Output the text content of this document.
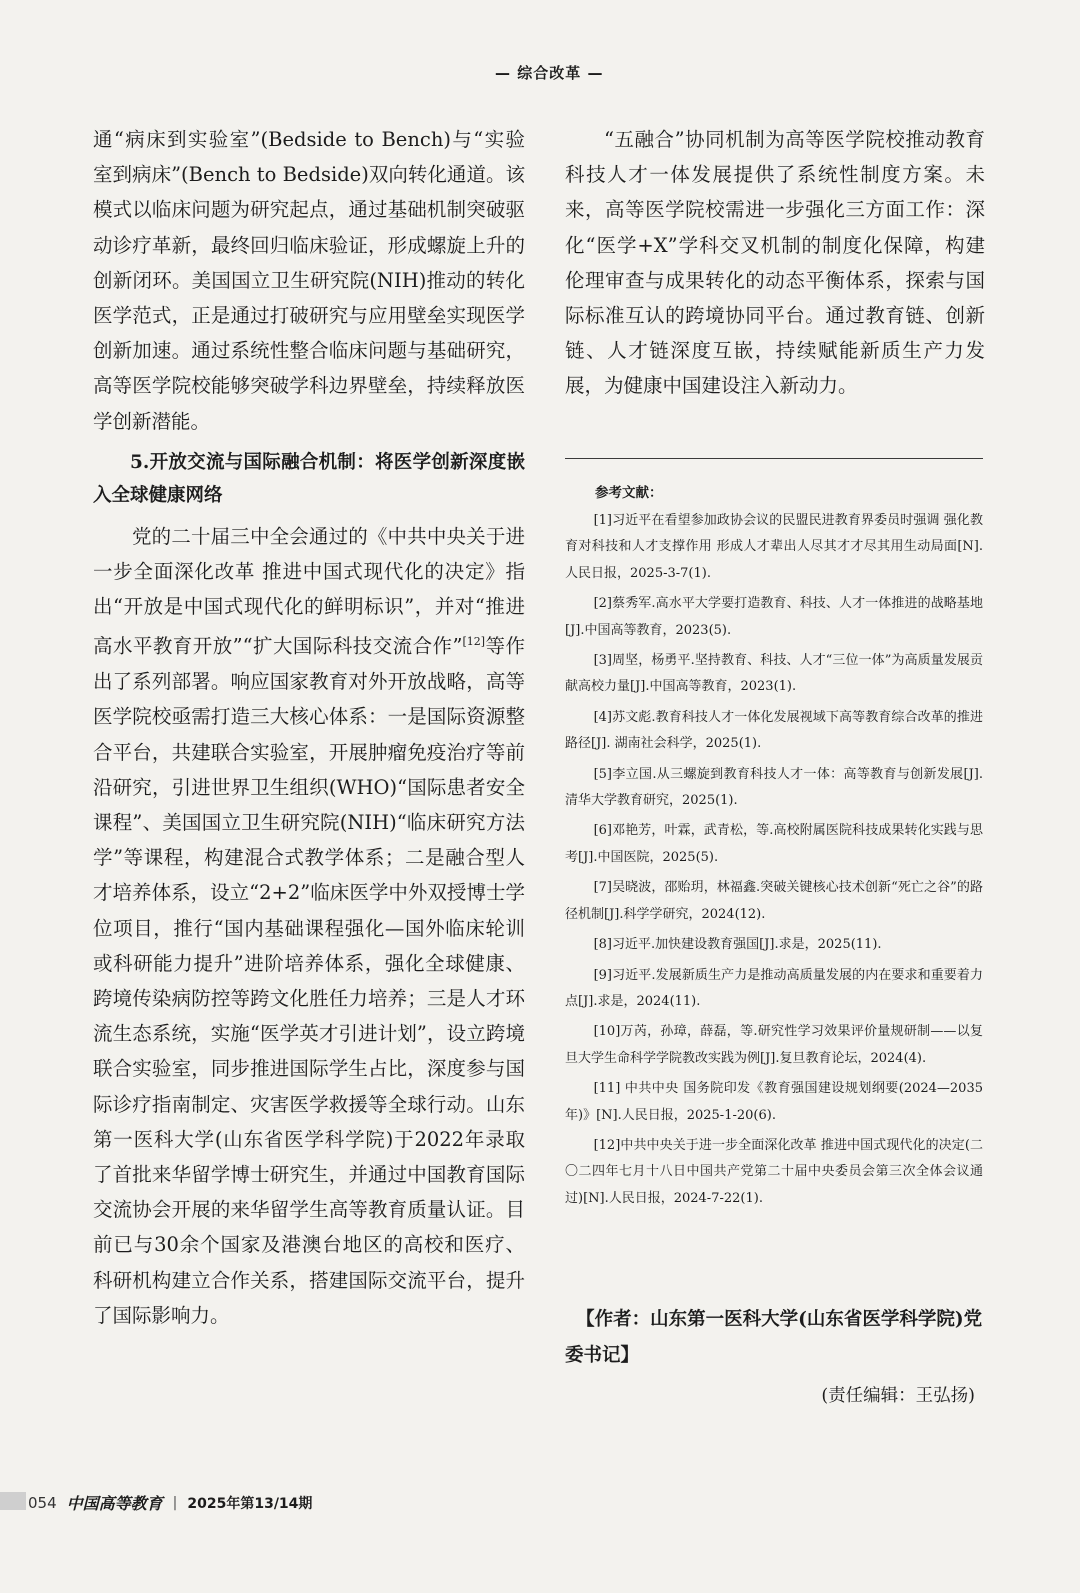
— 综合改革 —

通“病床到实验室”(Bedside to Bench)与“实验室到病床”(Bench to Bedside)双向转化通道。该模式以临床问题为研究起点，通过基础机制突破驱动诊疗革新，最终回归临床验证，形成螺旋上升的创新闭环。美国国立卫生研究院(NIH)推动的转化医学范式，正是通过打破研究与应用壁垒实现医学创新加速。通过系统性整合临床问题与基础研究，高等医学院校能够突破学科边界壁垒，持续释放医学创新潜能。

5.开放交流与国际融合机制：将医学创新深度嵌入全球健康网络

党的二十届三中全会通过的《中共中央关于进一步全面深化改革 推进中国式现代化的决定》指出“开放是中国式现代化的鲜明标识”，并对“推进高水平教育开放”“扩大国际科技交流合作”[12]等作出了系列部署。响应国家教育对外开放战略，高等医学院校亟需打造三大核心体系：一是国际资源整合平台，共建联合实验室，开展肿瘤免疫治疗等前沿研究，引进世界卫生组织(WHO)“国际患者安全课程”、美国国立卫生研究院(NIH)“临床研究方法学”等课程，构建混合式教学体系；二是融合型人才培养体系，设立“2+2”临床医学中外双授博士学位项目，推行“国内基础课程强化—国外临床轮训或科研能力提升”进阶培养体系，强化全球健康、跨境传染病防控等跨文化胜任力培养；三是人才环流生态系统，实施“医学英才引进计划”，设立跨境联合实验室，同步推进国际学生占比，深度参与国际诊疗指南制定、灾害医学救援等全球行动。山东第一医科大学(山东省医学科学院)于2022年录取了首批来华留学博士研究生，并通过中国教育国际交流协会开展的来华留学生高等教育质量认证。目前已与30余个国家及港澳台地区的高校和医疗、科研机构建立合作关系，搭建国际交流平台，提升了国际影响力。

“五融合”协同机制为高等医学院校推动教育科技人才一体发展提供了系统性制度方案。未来，高等医学院校需进一步强化三方面工作：深化“医学+X”学科交叉机制的制度化保障，构建伦理审查与成果转化的动态平衡体系，探索与国际标准互认的跨境协同平台。通过教育链、创新链、人才链深度互嵌，持续赋能新质生产力发展，为健康中国建设注入新动力。

参考文献：
[1]习近平在看望参加政协会议的民盟民进教育界委员时强调 强化教育对科技和人才支撑作用 形成人才辈出人尽其才才尽其用生动局面[N].人民日报，2025-3-7(1).
[2]蔡秀军.高水平大学要打造教育、科技、人才一体推进的战略基地[J].中国高等教育，2023(5).
[3]周坚，杨勇平.坚持教育、科技、人才“三位一体”为高质量发展贡献高校力量[J].中国高等教育，2023(1).
[4]苏文彪.教育科技人才一体化发展视域下高等教育综合改革的推进路径[J]. 湖南社会科学，2025(1).
[5]李立国.从三螺旋到教育科技人才一体：高等教育与创新发展[J].清华大学教育研究，2025(1).
[6]邓艳芳，叶霖，武青松，等.高校附属医院科技成果转化实践与思考[J].中国医院，2025(5).
[7]吴晓波，邵贻玥，林福鑫.突破关键核心技术创新“死亡之谷”的路径机制[J].科学学研究，2024(12).
[8]习近平.加快建设教育强国[J].求是，2025(11).
[9]习近平.发展新质生产力是推动高质量发展的内在要求和重要着力点[J].求是，2024(11).
[10]万芮，孙璋，薛磊，等.研究性学习效果评价量规研制——以复旦大学生命科学学院教改实践为例[J].复旦教育论坛，2024(4).
[11] 中共中央 国务院印发《教育强国建设规划纲要(2024—2035年)》[N].人民日报，2025-1-20(6).
[12]中共中央关于进一步全面深化改革 推进中国式现代化的决定(二〇二四年七月十八日中国共产党第二十届中央委员会第三次全体会议通过)[N].人民日报，2024-7-22(1).
【作者：山东第一医科大学(山东省医学科学院)党委书记】
(责任编辑：王弘扬)
054 中国高等教育 | 2025年第13/14期
